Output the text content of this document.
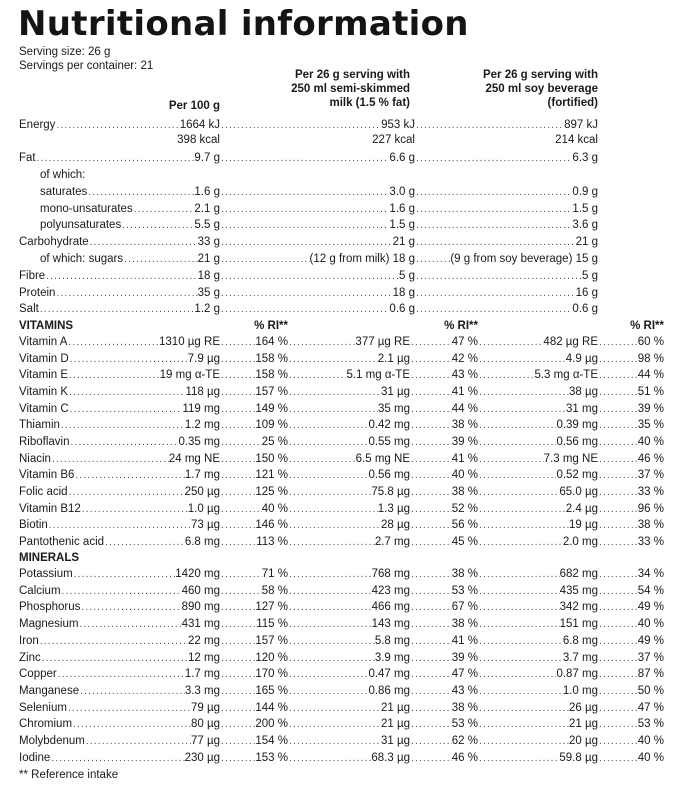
Nutritional information
Serving size: 26 g
Servings per container: 21
Per 100 g
Per 26 g serving with
250 ml semi-skimmed
milk (1.5 % fat)
Per 26 g serving with
250 ml soy beverage
(fortified)
Energy .....	1664 kJ .....	953 kJ .....	897 kJ
398 kcal	227 kcal	214 kcal
Fat .....	9.7 g .....	6.6 g .....	6.3 g
of which:
saturates .....	1.6 g .....	3.0 g .....	0.9 g
mono-unsaturates .....	2.1 g .....	1.6 g .....	1.5 g
polyunsaturates .....	5.5 g .....	1.5 g .....	3.6 g
Carbohydrate .....	33 g .....	21 g .....	21 g
of which: sugars .....	21 g .....	(12 g from milk) 18 g .....	(9 g from soy beverage) 15 g
Fibre .....	18 g .....	5 g .....	5 g
Protein .....	35 g .....	18 g .....	16 g
Salt .....	1.2 g .....	0.6 g .....	0.6 g
VITAMINS	% RI**	% RI**	% RI**
Vitamin A .....	1310 µg RE .....	164 % .....	377 µg RE .....	47 % .....	482 µg RE .....	60 %
Vitamin D .....	7.9 µg .....	158 % .....	2.1 µg .....	42 % .....	4.9 µg .....	98 %
Vitamin E .....	19 mg α-TE .....	158 % .....	5.1 mg α-TE .....	43 % .....	5.3 mg α-TE .....	44 %
Vitamin K .....	118 µg .....	157 % .....	31 µg .....	41 % .....	38 µg .....	51 %
Vitamin C .....	119 mg .....	149 % .....	35 mg .....	44 % .....	31 mg .....	39 %
Thiamin .....	1.2 mg .....	109 % .....	0.42 mg .....	38 % .....	0.39 mg .....	35 %
Riboflavin .....	0.35 mg .....	25 % .....	0.55 mg .....	39 % .....	0.56 mg .....	40 %
Niacin .....	24 mg NE .....	150 % .....	6.5 mg NE .....	41 % .....	7.3 mg NE .....	46 %
Vitamin B6 .....	1.7 mg .....	121 % .....	0.56 mg .....	40 % .....	0.52 mg .....	37 %
Folic acid .....	250 µg .....	125 % .....	75.8 µg .....	38 % .....	65.0 µg .....	33 %
Vitamin B12 .....	1.0 µg .....	40 % .....	1.3 µg .....	52 % .....	2.4 µg .....	96 %
Biotin .....	73 µg .....	146 % .....	28 µg .....	56 % .....	19 µg .....	38 %
Pantothenic acid .....	6.8 mg .....	113 % .....	2.7 mg .....	45 % .....	2.0 mg .....	33 %
MINERALS
Potassium .....	1420 mg .....	71 % .....	768 mg .....	38 % .....	682 mg .....	34 %
Calcium .....	460 mg .....	58 % .....	423 mg .....	53 % .....	435 mg .....	54 %
Phosphorus .....	890 mg .....	127 % .....	466 mg .....	67 % .....	342 mg .....	49 %
Magnesium .....	431 mg .....	115 % .....	143 mg .....	38 % .....	151 mg .....	40 %
Iron .....	22 mg .....	157 % .....	5.8 mg .....	41 % .....	6.8 mg .....	49 %
Zinc .....	12 mg .....	120 % .....	3.9 mg .....	39 % .....	3.7 mg .....	37 %
Copper .....	1.7 mg .....	170 % .....	0.47 mg .....	47 % .....	0.87 mg .....	87 %
Manganese .....	3.3 mg .....	165 % .....	0.86 mg .....	43 % .....	1.0 mg .....	50 %
Selenium .....	79 µg .....	144 % .....	21 µg .....	38 % .....	26 µg .....	47 %
Chromium .....	80 µg .....	200 % .....	21 µg .....	53 % .....	21 µg .....	53 %
Molybdenum .....	77 µg .....	154 % .....	31 µg .....	62 % .....	20 µg .....	40 %
Iodine .....	230 µg .....	153 % .....	68.3 µg .....	46 % .....	59.8 µg .....	40 %
** Reference intake
